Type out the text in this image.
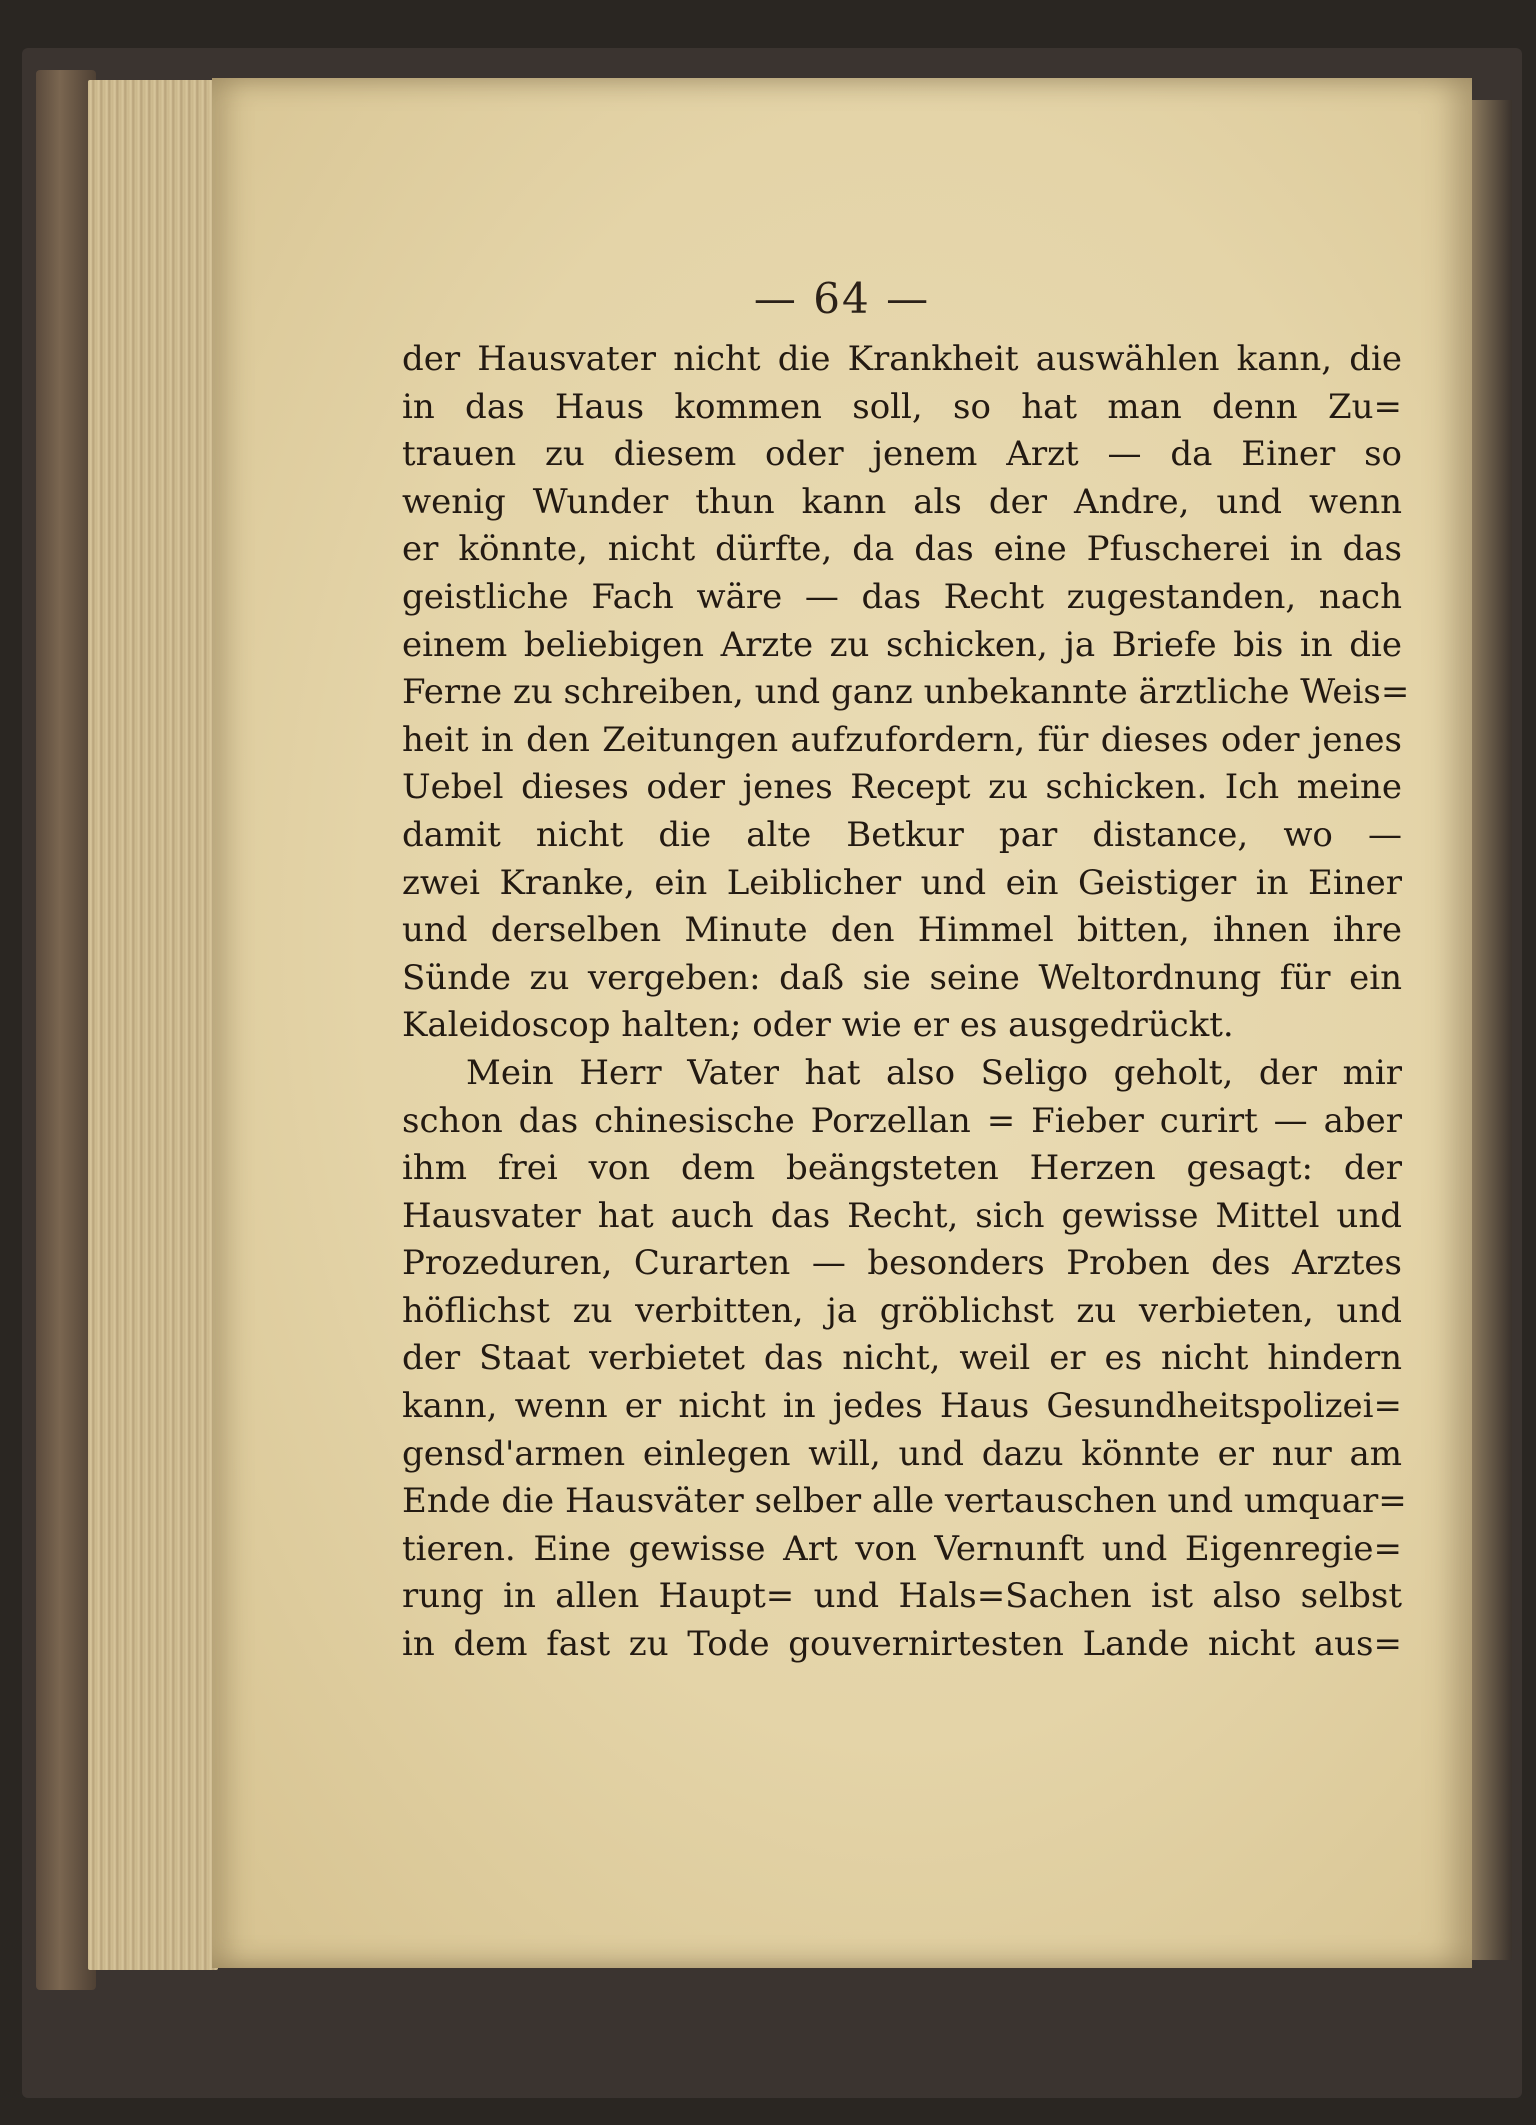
— 64 —
der Hausvater nicht die Krankheit auswählen kann, die
in das Haus kommen soll, so hat man denn Zu=
trauen zu diesem oder jenem Arzt — da Einer so
wenig Wunder thun kann als der Andre, und wenn
er könnte, nicht dürfte, da das eine Pfuscherei in das
geistliche Fach wäre — das Recht zugestanden, nach
einem beliebigen Arzte zu schicken, ja Briefe bis in die
Ferne zu schreiben, und ganz unbekannte ärztliche Weis=
heit in den Zeitungen aufzufordern, für dieses oder jenes
Uebel dieses oder jenes Recept zu schicken. Ich meine
damit nicht die alte Betkur par distance, wo —
zwei Kranke, ein Leiblicher und ein Geistiger in Einer
und derselben Minute den Himmel bitten, ihnen ihre
Sünde zu vergeben: daß sie seine Weltordnung für ein
Kaleidoscop halten; oder wie er es ausgedrückt.
Mein Herr Vater hat also Seligo geholt, der mir
schon das chinesische Porzellan = Fieber curirt — aber
ihm frei von dem beängsteten Herzen gesagt: der
Hausvater hat auch das Recht, sich gewisse Mittel und
Prozeduren, Curarten — besonders Proben des Arztes
höflichst zu verbitten, ja gröblichst zu verbieten, und
der Staat verbietet das nicht, weil er es nicht hindern
kann, wenn er nicht in jedes Haus Gesundheitspolizei=
gensd'armen einlegen will, und dazu könnte er nur am
Ende die Hausväter selber alle vertauschen und umquar=
tieren. Eine gewisse Art von Vernunft und Eigenregie=
rung in allen Haupt= und Hals=Sachen ist also selbst
in dem fast zu Tode gouvernirtesten Lande nicht aus=
